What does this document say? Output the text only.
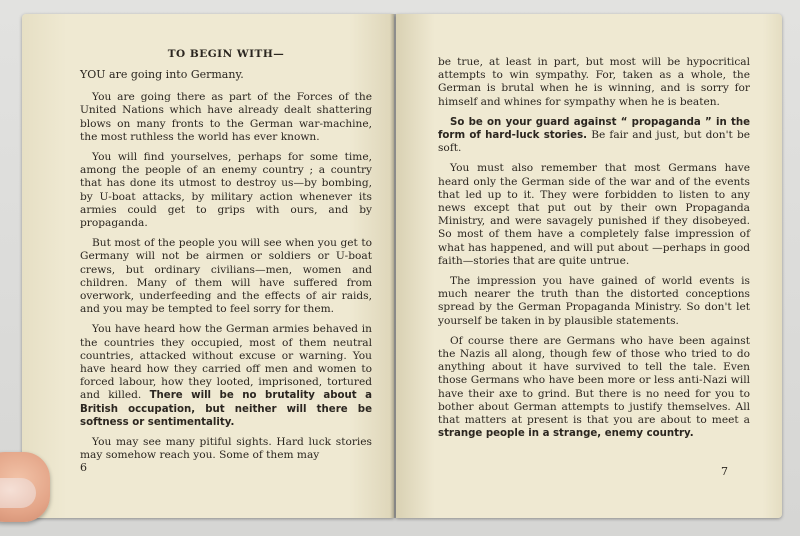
TO BEGIN WITH—

YOU are going into Germany.

You are going there as part of the Forces of the United Nations which have already dealt shattering blows on many fronts to the German war-machine, the most ruthless the world has ever known.

You will find yourselves, perhaps for some time, among the people of an enemy country ; a country that has done its utmost to destroy us—by bombing, by U-boat attacks, by military action whenever its armies could get to grips with ours, and by propaganda.

But most of the people you will see when you get to Germany will not be airmen or soldiers or U-boat crews, but ordinary civilians—men, women and children. Many of them will have suffered from overwork, underfeeding and the effects of air raids, and you may be tempted to feel sorry for them.

You have heard how the German armies behaved in the countries they occupied, most of them neutral countries, attacked without excuse or warning. You have heard how they carried off men and women to forced labour, how they looted, imprisoned, tortured and killed. There will be no brutality about a British occupation, but neither will there be softness or sentimentality.

You may see many pitiful sights. Hard luck stories may somehow reach you. Some of them may

6

be true, at least in part, but most will be hypocritical attempts to win sympathy. For, taken as a whole, the German is brutal when he is winning, and is sorry for himself and whines for sympathy when he is beaten.

So be on your guard against “ propaganda ” in the form of hard-luck stories. Be fair and just, but don't be soft.

You must also remember that most Germans have heard only the German side of the war and of the events that led up to it. They were forbidden to listen to any news except that put out by their own Propaganda Ministry, and were savagely punished if they disobeyed. So most of them have a completely false impression of what has happened, and will put about —perhaps in good faith—stories that are quite untrue.

The impression you have gained of world events is much nearer the truth than the distorted conceptions spread by the German Propaganda Ministry. So don't let yourself be taken in by plausible statements.

Of course there are Germans who have been against the Nazis all along, though few of those who tried to do anything about it have survived to tell the tale. Even those Germans who have been more or less anti-Nazi will have their axe to grind. But there is no need for you to bother about German attempts to justify themselves. All that matters at present is that you are about to meet a strange people in a strange, enemy country.

7
